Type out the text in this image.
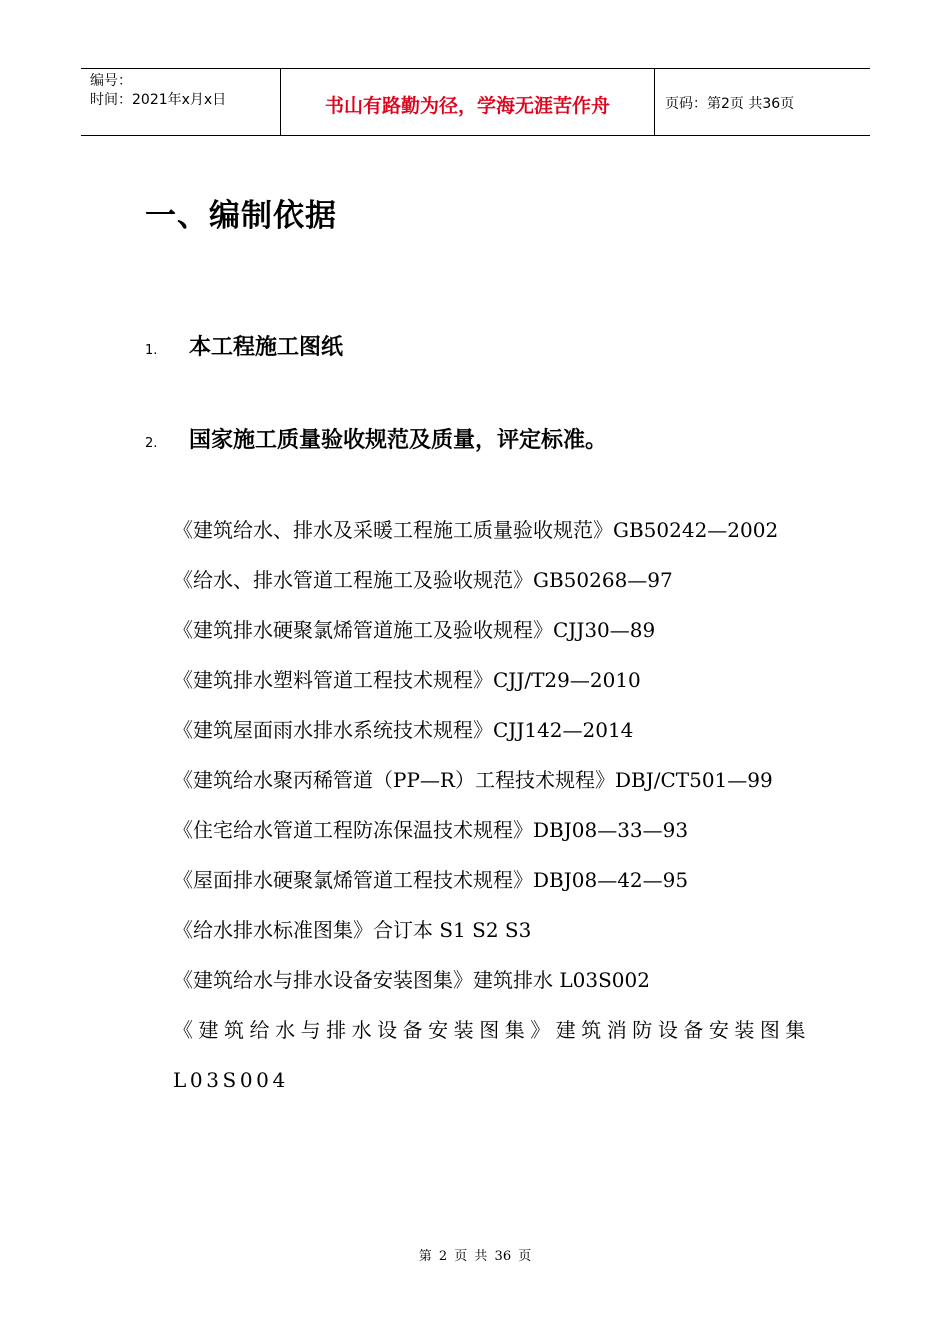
编号：
时间：2021年x月x日	书山有路勤为径，学海无涯苦作舟	页码：第2页 共36页
一、编制依据
1.	本工程施工图纸
2.	国家施工质量验收规范及质量，评定标准。

《建筑给水、排水及采暖工程施工质量验收规范》GB50242—2002

《给水、排水管道工程施工及验收规范》GB50268—97

《建筑排水硬聚氯烯管道施工及验收规程》CJJ30—89

《建筑排水塑料管道工程技术规程》CJJ/T29—2010

《建筑屋面雨水排水系统技术规程》CJJ142—2014

《建筑给水聚丙稀管道（PP—R）工程技术规程》DBJ/CT501—99

《住宅给水管道工程防冻保温技术规程》DBJ08—33—93

《屋面排水硬聚氯烯管道工程技术规程》DBJ08—42—95

《给水排水标准图集》合订本 S1 S2 S3

《建筑给水与排水设备安装图集》建筑排水 L03S002

《建筑给水与排水设备安装图集》建筑消防设备安装图集 L03S004

第 2 页 共 36 页
